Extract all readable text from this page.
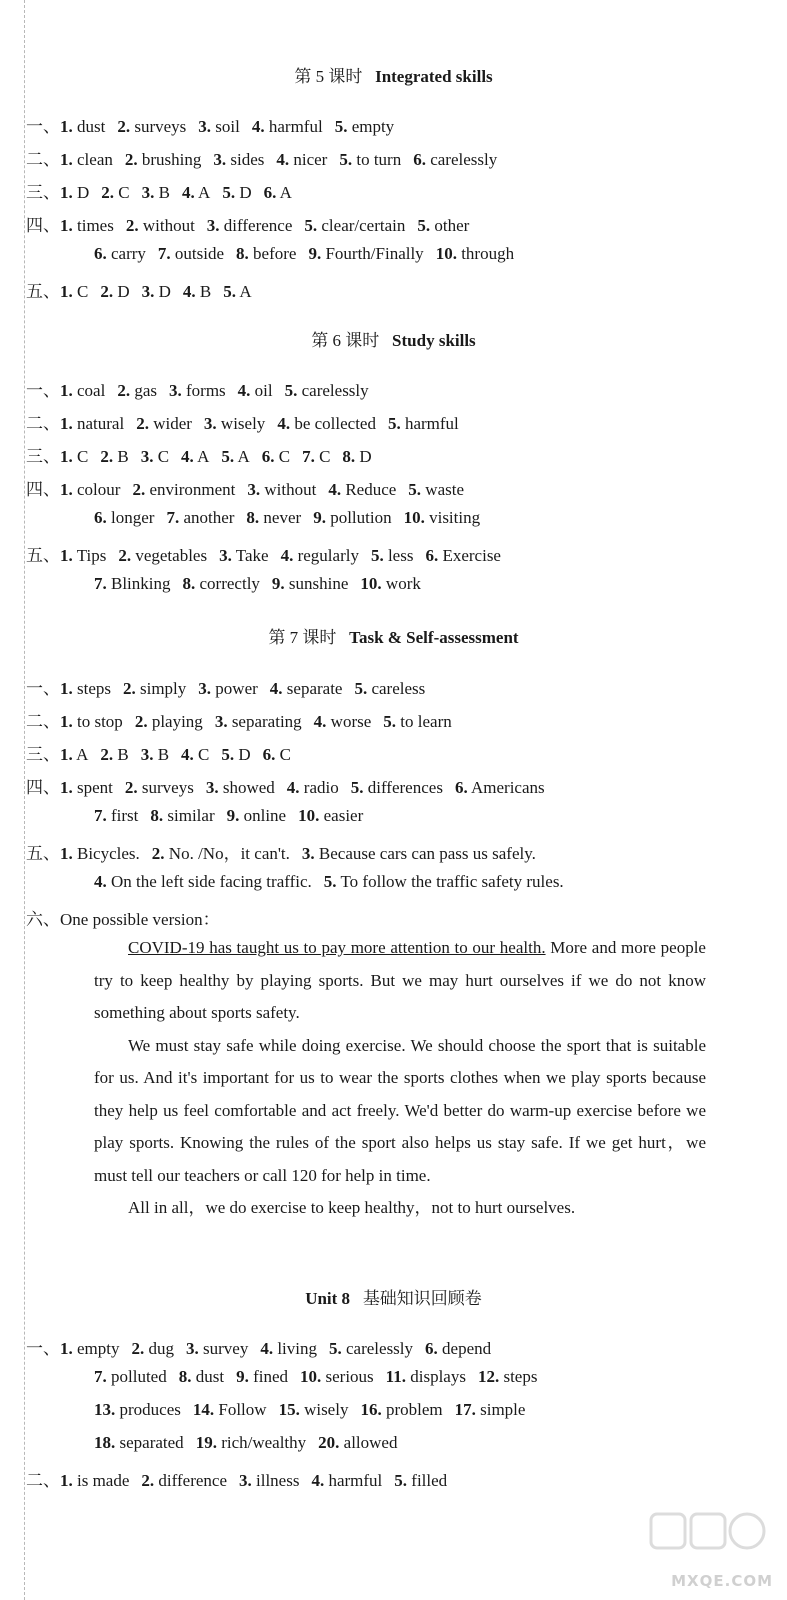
第 5 课时 Integrated skills
第 6 课时 Study skills
第 7 课时 Task & Self-assessment
Unit 8 基础知识回顾卷
一、1. dust 2. surveys 3. soil 4. harmful 5. empty
二、1. clean 2. brushing 3. sides 4. nicer 5. to turn 6. carelessly
三、1. D 2. C 3. B 4. A 5. D 6. A
四、1. times 2. without 3. difference 5. clear/certain 5. other
6. carry 7. outside 8. before 9. Fourth/Finally 10. through
五、1. C 2. D 3. D 4. B 5. A
一、1. coal 2. gas 3. forms 4. oil 5. carelessly
二、1. natural 2. wider 3. wisely 4. be collected 5. harmful
三、1. C 2. B 3. C 4. A 5. A 6. C 7. C 8. D
四、1. colour 2. environment 3. without 4. Reduce 5. waste
6. longer 7. another 8. never 9. pollution 10. visiting
五、1. Tips 2. vegetables 3. Take 4. regularly 5. less 6. Exercise
7. Blinking 8. correctly 9. sunshine 10. work
一、1. steps 2. simply 3. power 4. separate 5. careless
二、1. to stop 2. playing 3. separating 4. worse 5. to learn
三、1. A 2. B 3. B 4. C 5. D 6. C
四、1. spent 2. surveys 3. showed 4. radio 5. differences 6. Americans
7. first 8. similar 9. online 10. easier
五、1. Bicycles. 2. No. /No，it can't. 3. Because cars can pass us safely.
4. On the left side facing traffic. 5. To follow the traffic safety rules.
六、One possible version：
一、1. empty 2. dug 3. survey 4. living 5. carelessly 6. depend
7. polluted 8. dust 9. fined 10. serious 11. displays 12. steps
13. produces 14. Follow 15. wisely 16. problem 17. simple
18. separated 19. rich/wealthy 20. allowed
二、1. is made 2. difference 3. illness 4. harmful 5. filled
COVID-19 has taught us to pay more attention to our health. More and more people try to keep healthy by playing sports. But we may hurt ourselves if we do not know something about sports safety.
We must stay safe while doing exercise. We should choose the sport that is suitable for us. And it's important for us to wear the sports clothes when we play sports because they help us feel comfortable and act freely. We'd better do warm-up exercise before we play sports. Knowing the rules of the sport also helps us stay safe. If we get hurt，we must tell our teachers or call 120 for help in time.
All in all，we do exercise to keep healthy，not to hurt ourselves.
MXQE.COM
